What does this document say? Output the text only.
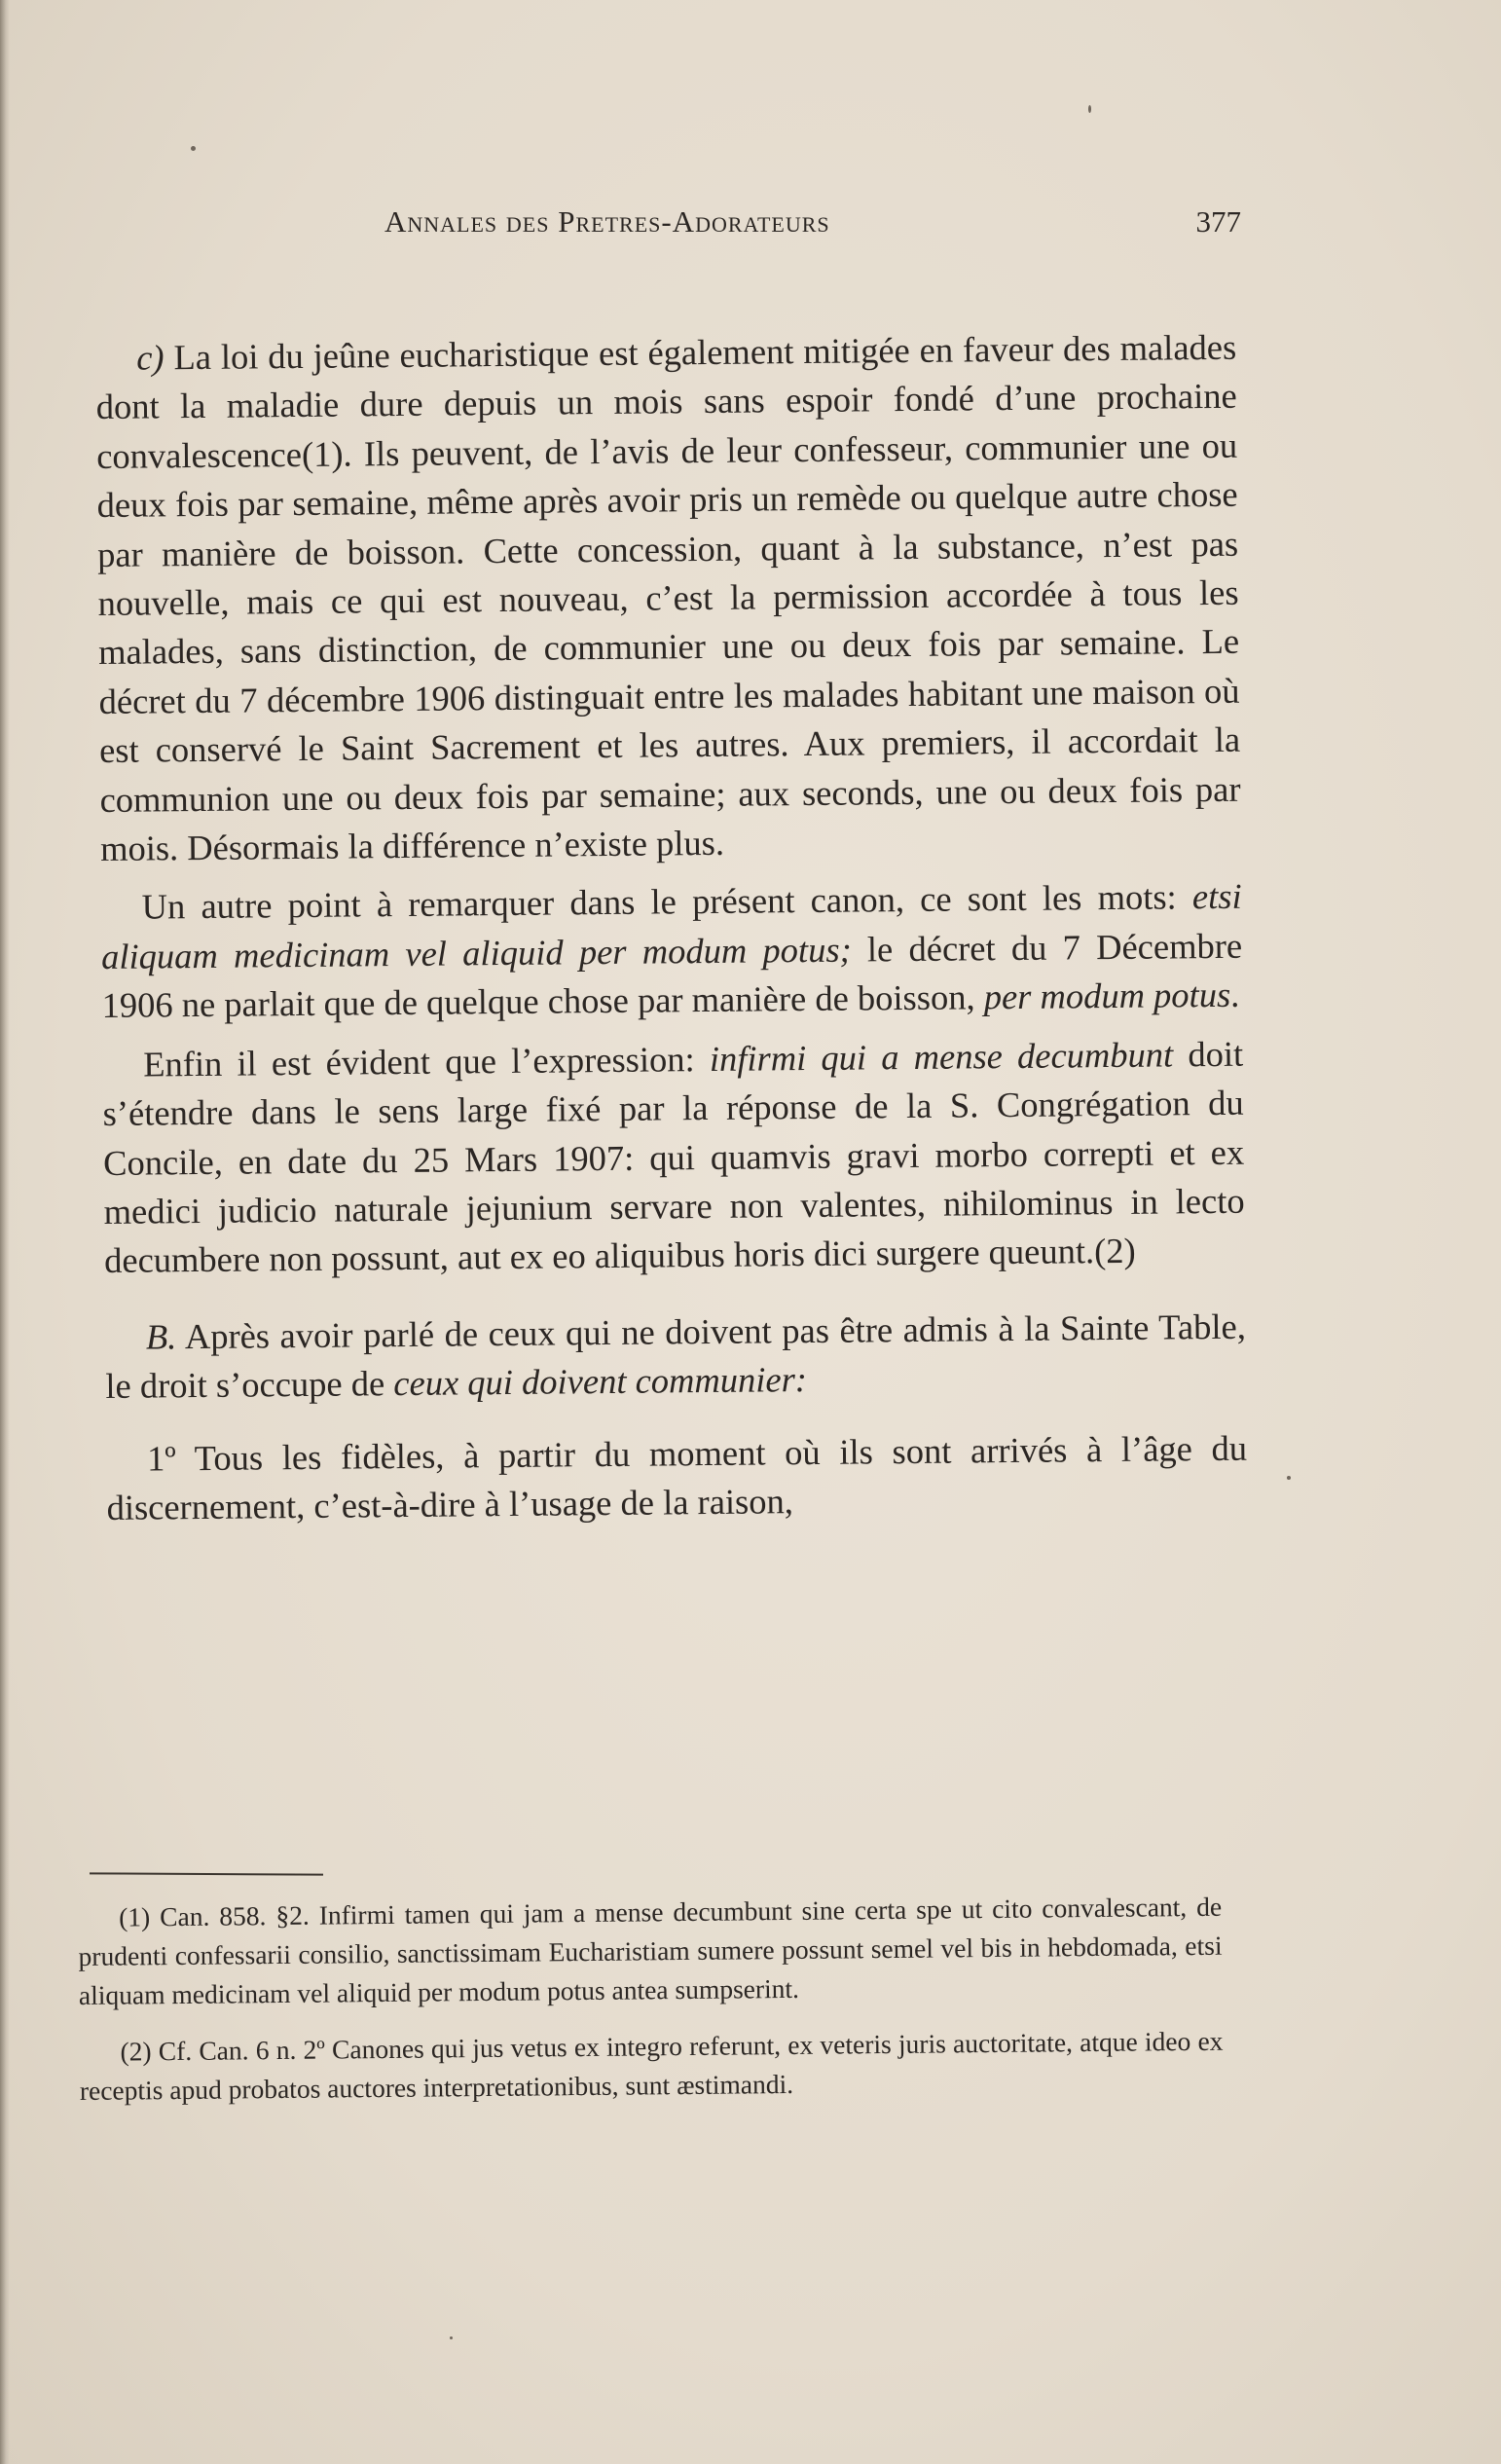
Annales des Pretres-Adorateurs	377

c) La loi du jeûne eucharistique est également mitigée en faveur des malades dont la maladie dure depuis un mois sans espoir fondé d’une prochaine convalescence(1). Ils peuvent, de l’avis de leur confesseur, communier une ou deux fois par semaine, même après avoir pris un remède ou quelque autre chose par manière de boisson. Cette concession, quant à la substance, n’est pas nouvelle, mais ce qui est nouveau, c’est la permission accordée à tous les malades, sans distinction, de communier une ou deux fois par semaine. Le décret du 7 décembre 1906 distinguait entre les malades habitant une maison où est conservé le Saint Sacrement et les autres. Aux premiers, il accordait la communion une ou deux fois par semaine; aux seconds, une ou deux fois par mois. Désormais la différence n’existe plus.

Un autre point à remarquer dans le présent canon, ce sont les mots: etsi aliquam medicinam vel aliquid per modum potus; le décret du 7 Décembre 1906 ne parlait que de quelque chose par manière de boisson, per modum potus.

Enfin il est évident que l’expression: infirmi qui a mense decumbunt doit s’étendre dans le sens large fixé par la réponse de la S. Congrégation du Concile, en date du 25 Mars 1907: qui quamvis gravi morbo correpti et ex medici judicio naturale jejunium servare non valentes, nihilominus in lecto decumbere non possunt, aut ex eo aliquibus horis dici surgere queunt.(2)

B. Après avoir parlé de ceux qui ne doivent pas être admis à la Sainte Table, le droit s’occupe de ceux qui doivent communier:

1º Tous les fidèles, à partir du moment où ils sont arrivés à l’âge du discernement, c’est-à-dire à l’usage de la raison,

(1) Can. 858. §2. Infirmi tamen qui jam a mense decumbunt sine certa spe ut cito convalescant, de prudenti confessarii consilio, sanctissimam Eucharistiam sumere possunt semel vel bis in hebdomada, etsi aliquam medicinam vel aliquid per modum potus antea sumpserint.

(2) Cf. Can. 6 n. 2º Canones qui jus vetus ex integro referunt, ex veteris juris auctoritate, atque ideo ex receptis apud probatos auctores interpretationibus, sunt æstimandi.
